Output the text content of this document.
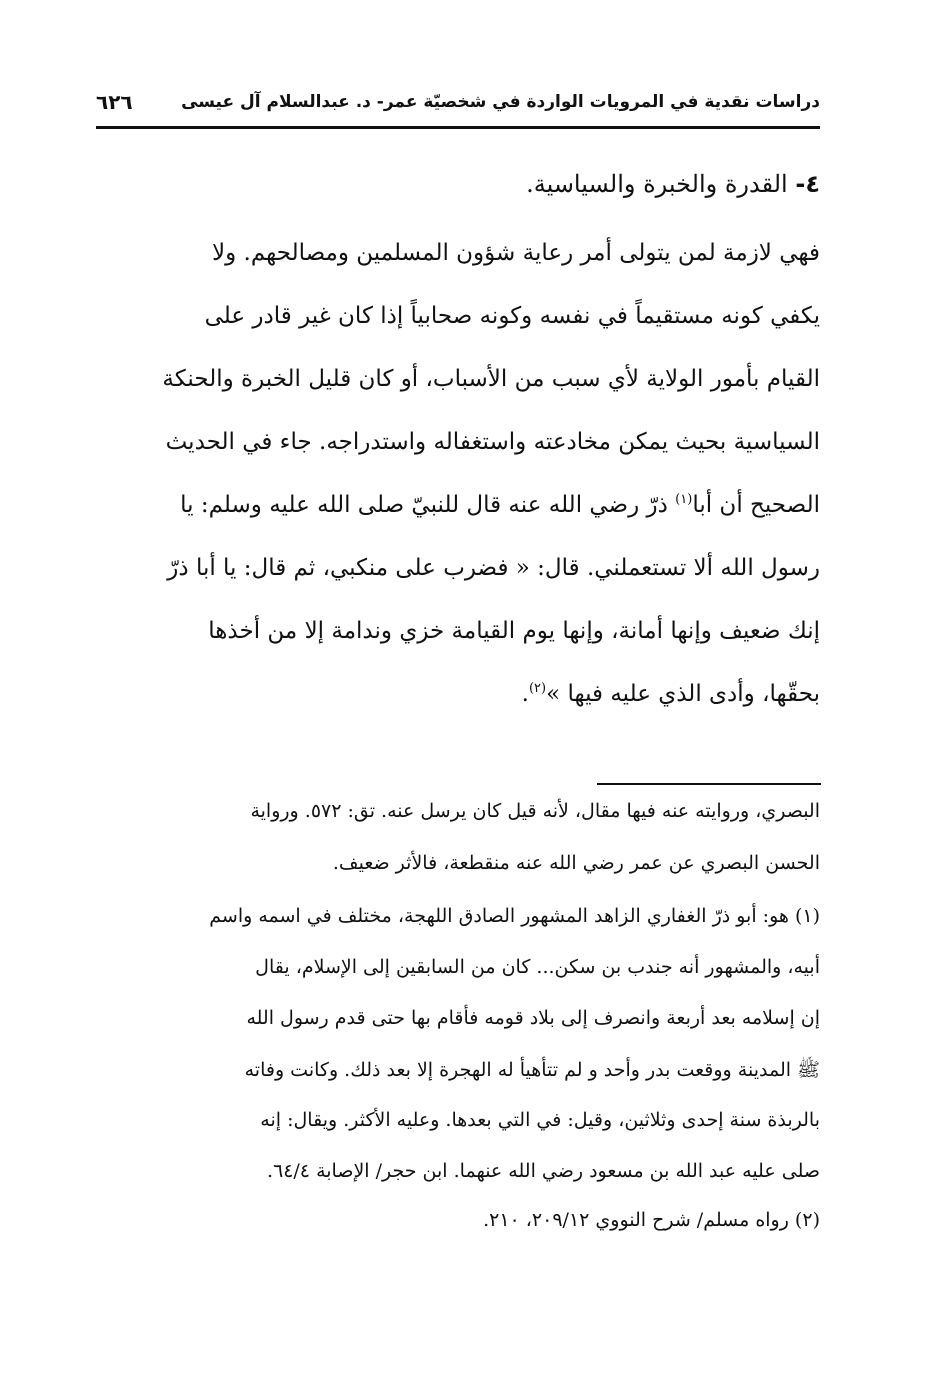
دراسات نقدية في المرويات الواردة في شخصيّة عمر- د. عبدالسلام آل عيسى
٦٢٦
٤- القدرة والخبرة والسياسية.
فهي لازمة لمن يتولى أمر رعاية شؤون المسلمين ومصالحهم. ولا
يكفي كونه مستقيماً في نفسه وكونه صحابياً إذا كان غير قادر على
القيام بأمور الولاية لأي سبب من الأسباب، أو كان قليل الخبرة والحنكة
السياسية بحيث يمكن مخادعته واستغفاله واستدراجه. جاء في الحديث
الصحيح أن أبا$^{(١)}$ ذرّ رضي الله عنه قال للنبيّ صلى الله عليه وسلم: يا
رسول الله ألا تستعملني. قال: « فضرب على منكبي، ثم قال: يا أبا ذرّ
إنك ضعيف وإنها أمانة، وإنها يوم القيامة خزي وندامة إلا من أخذها
بحقّها، وأدى الذي عليه فيها »$^{(٢)}$.
البصري، وروايته عنه فيها مقال، لأنه قيل كان يرسل عنه. تق: ٥٧٢. ورواية
الحسن البصري عن عمر رضي الله عنه منقطعة، فالأثر ضعيف.
(١) هو: أبو ذرّ الغفاري الزاهد المشهور الصادق اللهجة، مختلف في اسمه واسم
أبيه، والمشهور أنه جندب بن سكن... كان من السابقين إلى الإسلام، يقال
إن إسلامه بعد أربعة وانصرف إلى بلاد قومه فأقام بها حتى قدم رسول الله
ﷺ المدينة ووقعت بدر وأحد و لم تتأهيأ له الهجرة إلا بعد ذلك. وكانت وفاته
بالربذة سنة إحدى وثلاثين، وقيل: في التي بعدها. وعليه الأكثر. ويقال: إنه
صلى عليه عبد الله بن مسعود رضي الله عنهما. ابن حجر/ الإصابة ٦٤/٤.
(٢) رواه مسلم/ شرح النووي ٢٠٩/١٢، ٢١٠.
